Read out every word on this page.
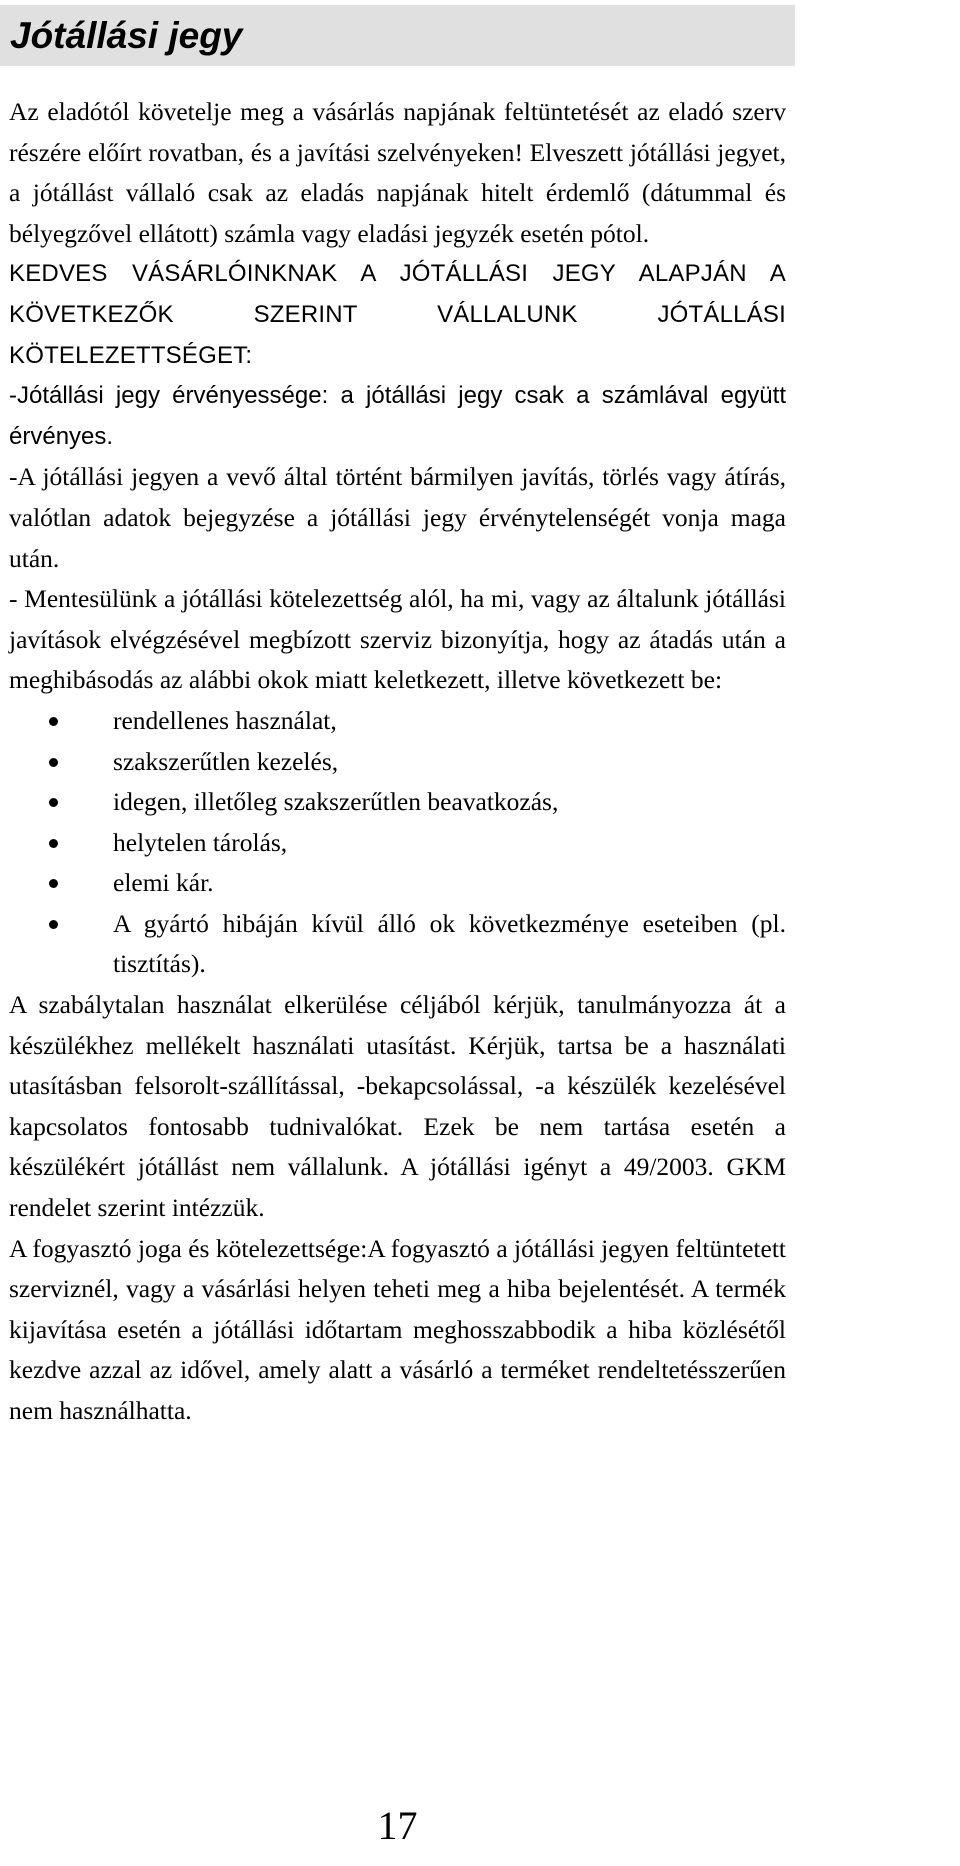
Jótállási jegy

Az eladótól követelje meg a vásárlás napjának feltüntetését az eladó szerv részére előírt rovatban, és a javítási szelvényeken! Elveszett jótállási jegyet, a jótállást vállaló csak az eladás napjának hitelt érdemlő (dátummal és bélyegzővel ellátott) számla vagy eladási jegyzék esetén pótol.

KEDVES VÁSÁRLÓINKNAK A JÓTÁLLÁSI JEGY ALAPJÁN A KÖVETKEZŐK SZERINT VÁLLALUNK JÓTÁLLÁSI KÖTELEZETTSÉGET:

-Jótállási jegy érvényessége: a jótállási jegy csak a számlával együtt érvényes.

-A jótállási jegyen a vevő által történt bármilyen javítás, törlés vagy átírás, valótlan adatok bejegyzése a jótállási jegy érvénytelenségét vonja maga után.

- Mentesülünk a jótállási kötelezettség alól, ha mi, vagy az általunk jótállási javítások elvégzésével megbízott szerviz bizonyítja, hogy az átadás után a meghibásodás az alábbi okok miatt keletkezett, illetve következett be:

rendellenes használat,
szakszerűtlen kezelés,
idegen, illetőleg szakszerűtlen beavatkozás,
helytelen tárolás,
elemi kár.
A gyártó hibáján kívül álló ok következménye eseteiben (pl. tisztítás).

A szabálytalan használat elkerülése céljából kérjük, tanulmányozza át a készülékhez mellékelt használati utasítást. Kérjük, tartsa be a használati utasításban felsorolt-szállítással, -bekapcsolással, -a készülék kezelésével kapcsolatos fontosabb tudnivalókat. Ezek be nem tartása esetén a készülékért jótállást nem vállalunk. A jótállási igényt a 49/2003. GKM rendelet szerint intézzük.

A fogyasztó joga és kötelezettsége:A fogyasztó a jótállási jegyen feltüntetett szerviznél, vagy a vásárlási helyen teheti meg a hiba bejelentését. A termék kijavítása esetén a jótállási időtartam meghosszabbodik a hiba közlésétől kezdve azzal az idővel, amely alatt a vásárló a terméket rendeltetésszerűen nem használhatta.

17
